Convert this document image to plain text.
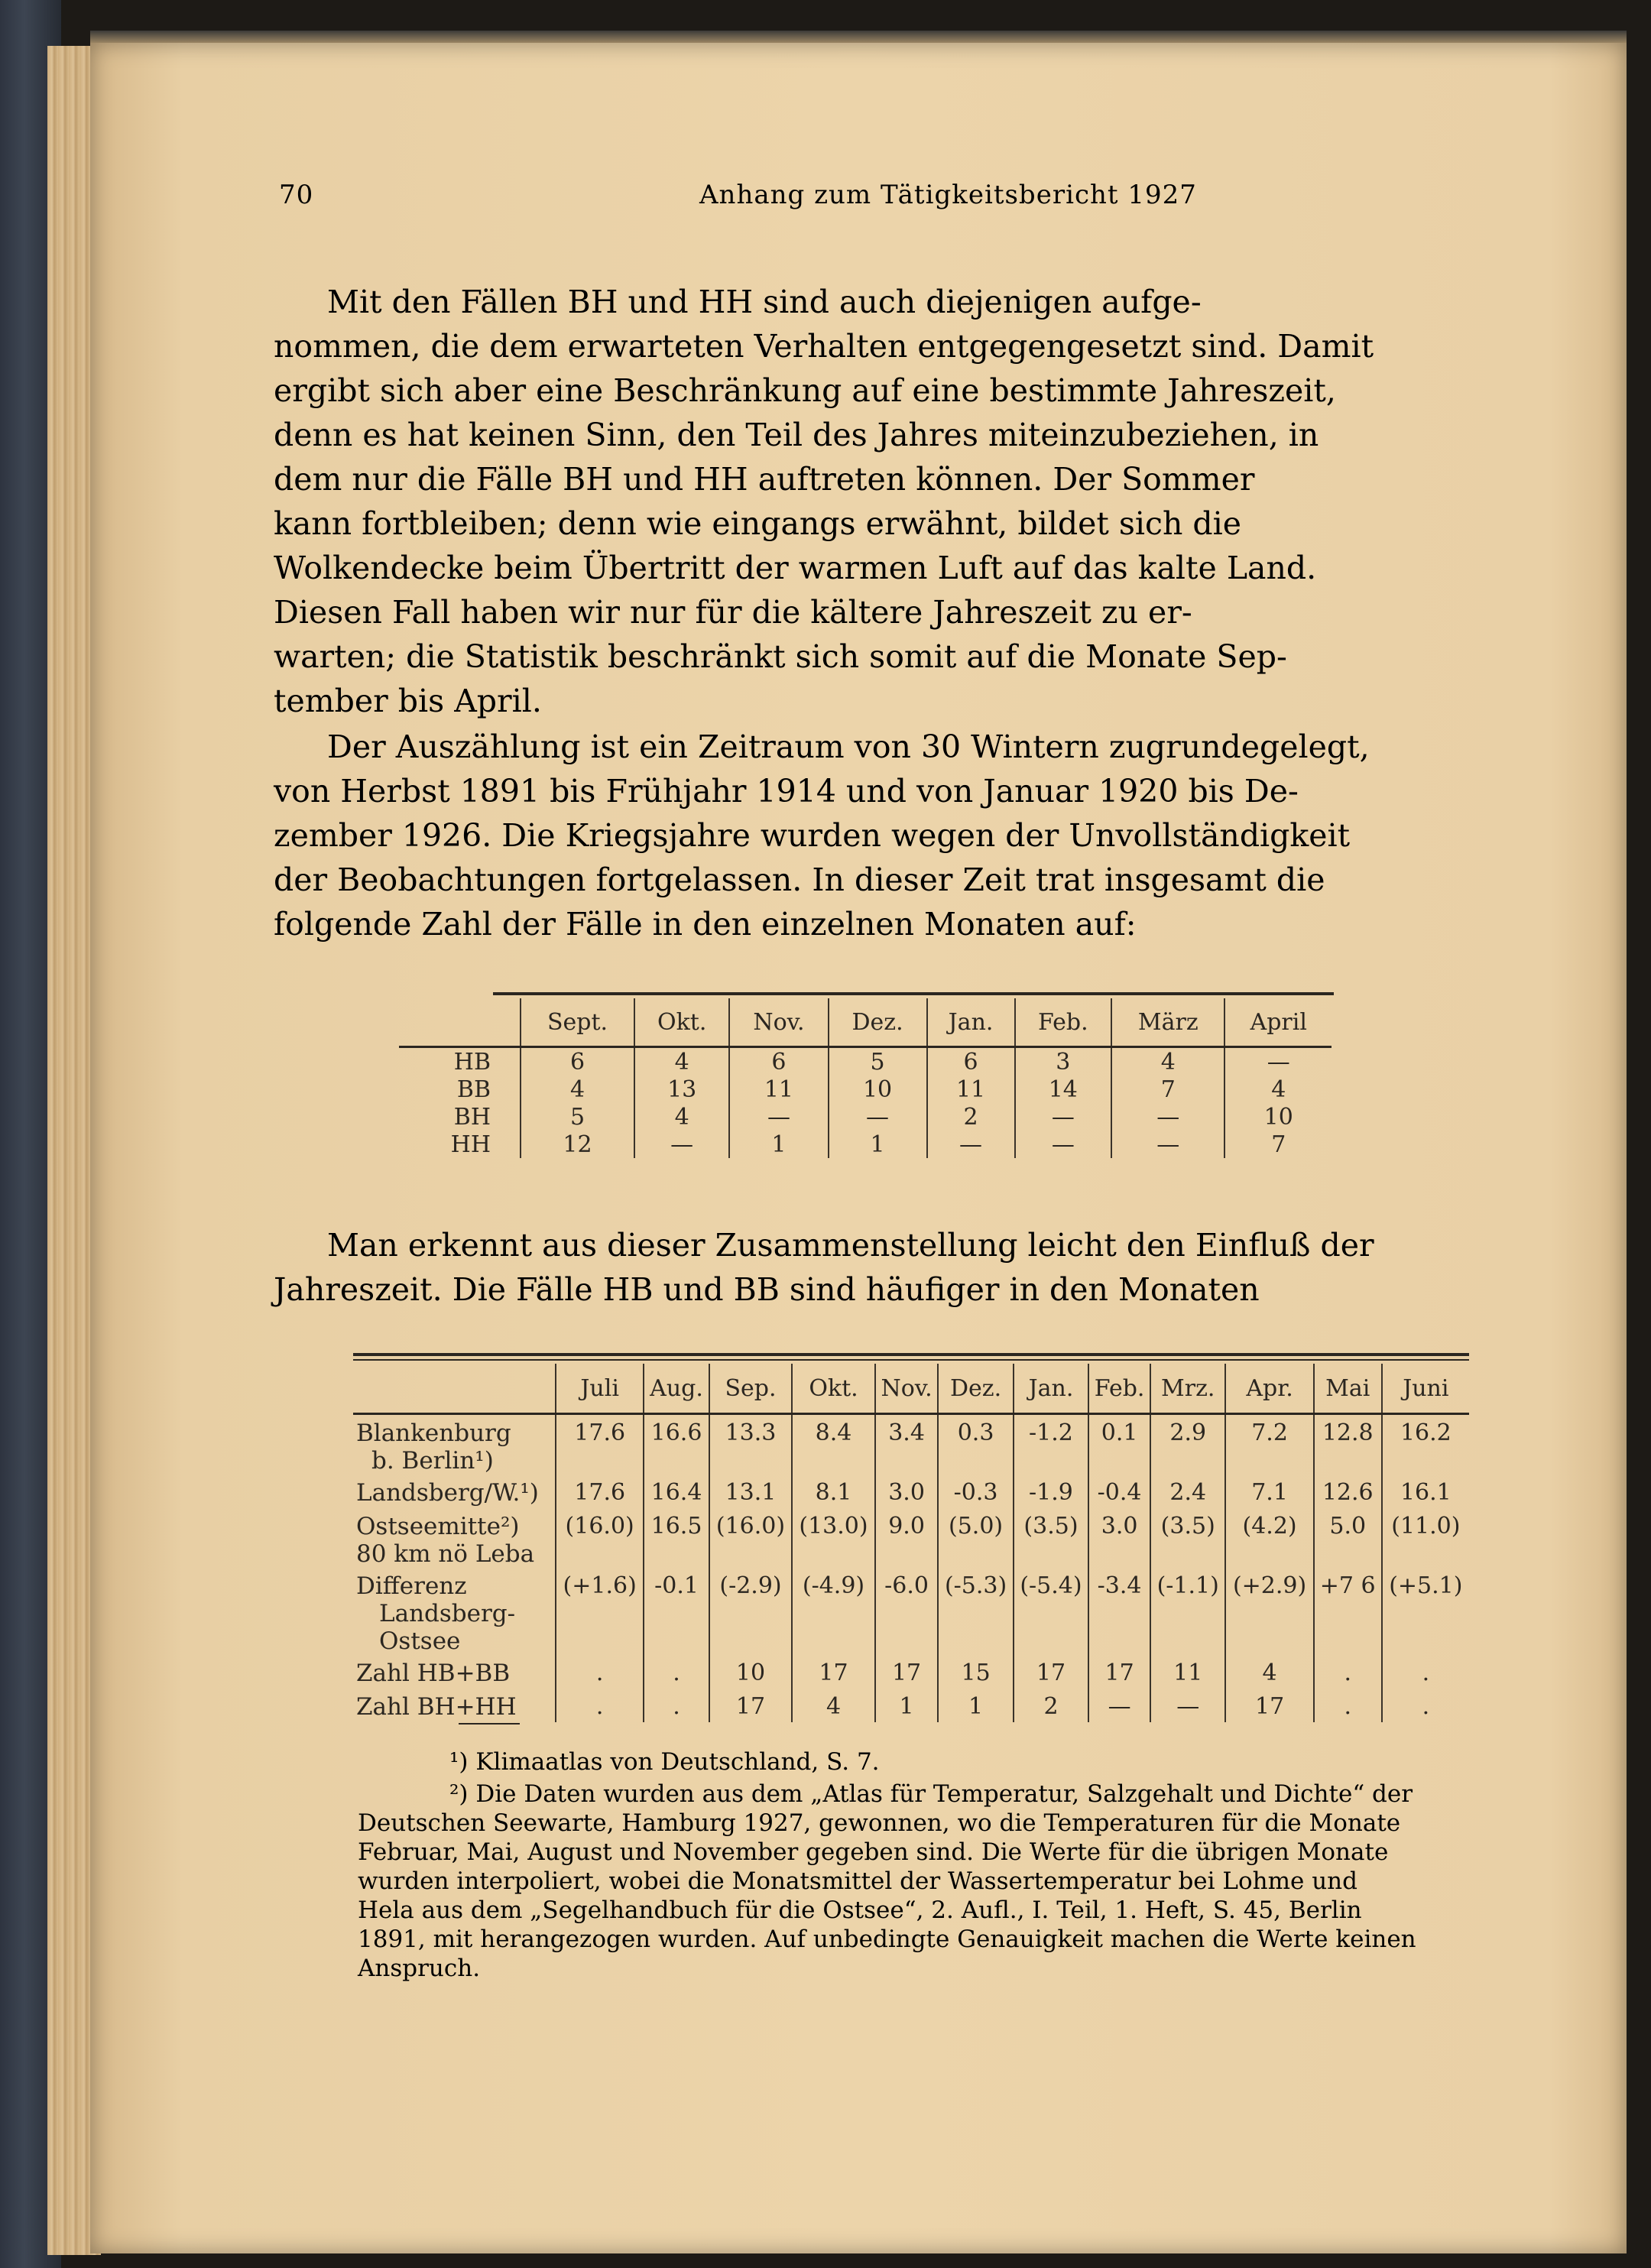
70	Anhang zum Tätigkeitsbericht 1927
Mit den Fällen BH und HH sind auch diejenigen aufge-
nommen, die dem erwarteten Verhalten entgegengesetzt sind. Damit
ergibt sich aber eine Beschränkung auf eine bestimmte Jahreszeit,
denn es hat keinen Sinn, den Teil des Jahres miteinzubeziehen, in
dem nur die Fälle BH und HH auftreten können. Der Sommer
kann fortbleiben; denn wie eingangs erwähnt, bildet sich die
Wolkendecke beim Übertritt der warmen Luft auf das kalte Land.
Diesen Fall haben wir nur für die kältere Jahreszeit zu er-
warten; die Statistik beschränkt sich somit auf die Monate Sep-
tember bis April.
Der Auszählung ist ein Zeitraum von 30 Wintern zugrundegelegt,
von Herbst 1891 bis Frühjahr 1914 und von Januar 1920 bis De-
zember 1926. Die Kriegsjahre wurden wegen der Unvollständigkeit
der Beobachtungen fortgelassen. In dieser Zeit trat insgesamt die
folgende Zahl der Fälle in den einzelnen Monaten auf:
	Sept.	Okt.	Nov.	Dez.	Jan.	Feb.	März	April
HB	6	4	6	5	6	3	4	—
BB	4	13	11	10	11	14	7	4
BH	5	4	—	—	2	—	—	10
HH	12	—	1	1	—	—	—	7
Man erkennt aus dieser Zusammenstellung leicht den Einfluß der
Jahreszeit. Die Fälle HB und BB sind häufiger in den Monaten
	Juli	Aug.	Sep.	Okt.	Nov.	Dez.	Jan.	Feb.	Mrz.	Apr.	Mai	Juni

Blankenburg
b. Berlin¹)	17.6	16.6	13.3	8.4	3.4	0.3	-1.2	0.1	2.9	7.2	12.8	16.2

Landsberg/W.¹)	17.6	16.4	13.1	8.1	3.0	-0.3	-1.9	-0.4	2.4	7.1	12.6	16.1

Ostseemitte²)
80 km nö Leba	(16.0)	16.5	(16.0)	(13.0)	9.0	(5.0)	(3.5)	3.0	(3.5)	(4.2)	5.0	(11.0)

Differenz
Landsberg-
Ostsee	(+1.6)	-0.1	(-2.9)	(-4.9)	-6.0	(-5.3)	(-5.4)	-3.4	(-1.1)	(+2.9)	+7 6	(+5.1)

Zahl HB+BB	.	.	10	17	17	15	17	17	11	4	.	.

Zahl BH+HH	.	.	17	4	1	1	2	—	—	17	.	.
¹) Klimaatlas von Deutschland, S. 7.
²) Die Daten wurden aus dem „Atlas für Temperatur, Salzgehalt und Dichte“ der
Deutschen Seewarte, Hamburg 1927, gewonnen, wo die Temperaturen für die Monate
Februar, Mai, August und November gegeben sind. Die Werte für die übrigen Monate
wurden interpoliert, wobei die Monatsmittel der Wassertemperatur bei Lohme und
Hela aus dem „Segelhandbuch für die Ostsee“, 2. Aufl., I. Teil, 1. Heft, S. 45, Berlin
1891, mit herangezogen wurden. Auf unbedingte Genauigkeit machen die Werte keinen
Anspruch.
